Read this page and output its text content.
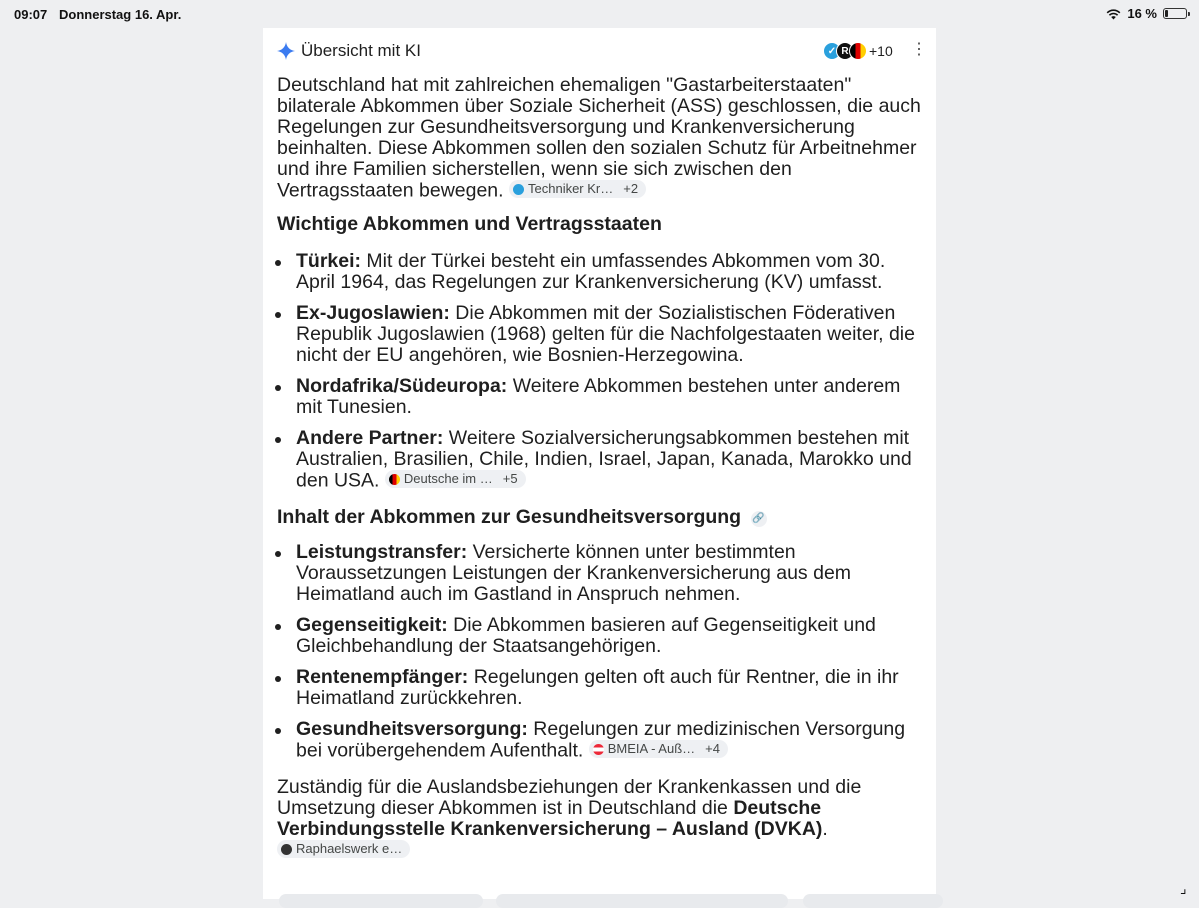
09:07 Donnerstag 16. Apr.	16 %
Übersicht mit KI	✓ R	+10 ⋮

Deutschland hat mit zahlreichen ehemaligen "Gastarbeiterstaaten" bilaterale Abkommen über Soziale Sicherheit (ASS) geschlossen, die auch Regelungen zur Gesundheitsversorgung und Krankenversicherung beinhalten. Diese Abkommen sollen den sozialen Schutz für Arbeitnehmer und ihre Familien sicherstellen, wenn sie sich zwischen den Vertragsstaaten bewegen. Techniker Kr… +2

Wichtige Abkommen und Vertragsstaaten
Türkei: Mit der Türkei besteht ein umfassendes Abkommen vom 30. April 1964, das Regelungen zur Krankenversicherung (KV) umfasst.
Ex-Jugoslawien: Die Abkommen mit der Sozialistischen Föderativen Republik Jugoslawien (1968) gelten für die Nachfolgestaaten weiter, die nicht der EU angehören, wie Bosnien-Herzegowina.
Nordafrika/Südeuropa: Weitere Abkommen bestehen unter anderem mit Tunesien.
Andere Partner: Weitere Sozialversicherungsabkommen bestehen mit Australien, Brasilien, Chile, Indien, Israel, Japan, Kanada, Marokko und den USA. Deutsche im … +5
Inhalt der Abkommen zur Gesundheitsversorgung 🔗
Leistungstransfer: Versicherte können unter bestimmten Voraussetzungen Leistungen der Krankenversicherung aus dem Heimatland auch im Gastland in Anspruch nehmen.
Gegenseitigkeit: Die Abkommen basieren auf Gegenseitigkeit und Gleichbehandlung der Staatsangehörigen.
Rentenempfänger: Regelungen gelten oft auch für Rentner, die in ihr Heimatland zurückkehren.
Gesundheitsversorgung: Regelungen zur medizinischen Versorgung bei vorübergehendem Aufenthalt. BMEIA - Auß… +4

Zuständig für die Auslandsbeziehungen der Krankenkassen und die Umsetzung dieser Abkommen ist in Deutschland die Deutsche Verbindungsstelle Krankenversicherung – Ausland (DVKA).
Raphaelswerk e…

⌟
